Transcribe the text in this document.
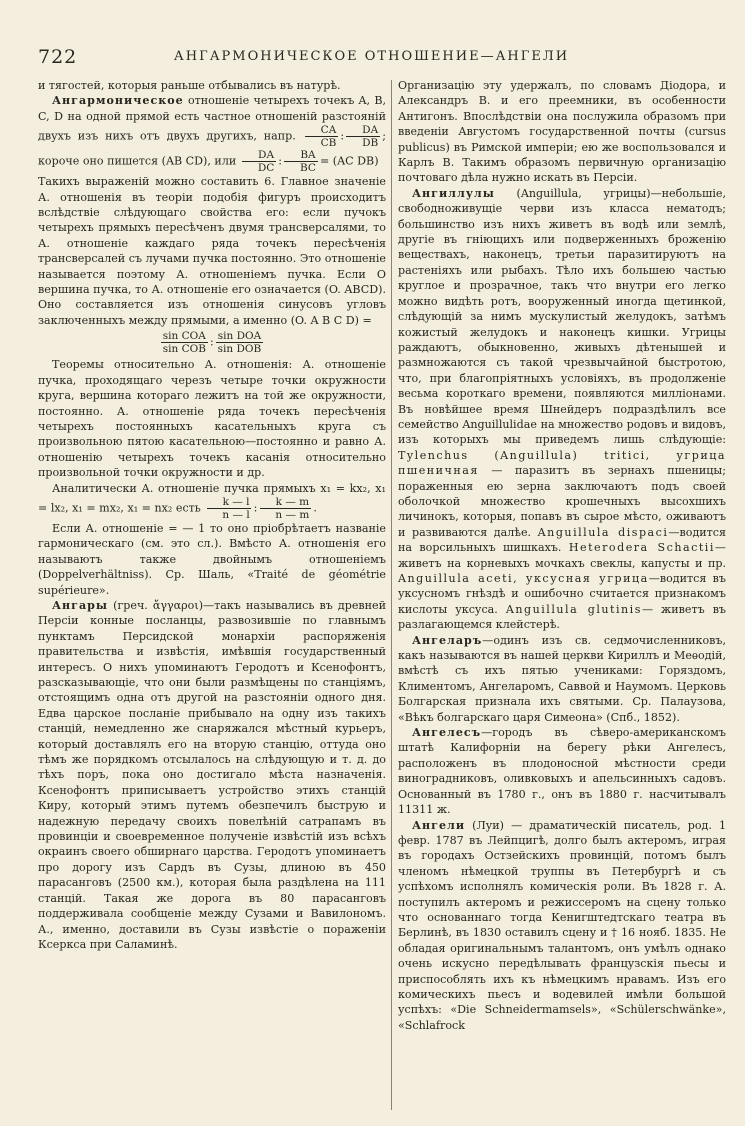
722	АНГАРМОНИЧЕСКОЕ ОТНОШЕНИЕ—АНГЕЛИ

и тягостей, которыя раньше отбывались въ натурѣ.

Ангармоническое отношеніе четырехъ точекъ A, B, C, D на одной прямой есть частное отношеній разстояній двухъ изъ нихъ отъ двухъ другихъ, напр. $\frac{CA}{CB}$ : $\frac{DA}{DB}$ ; короче оно пишется (AB CD), или $\frac{DA}{DC}$ : $\frac{BA}{BC} = (AC$ DB)

Такихъ выраженій можно составить 6. Главное значеніе А. отношенія въ теоріи подобія фигуръ происходитъ вслѣдствіе слѣдующаго свойства его: если пучокъ четырехъ прямыхъ пересѣченъ двумя трансверсалями, то А. отношеніе каждаго ряда точекъ пересѣченія трансверсалей съ лучами пучка постоянно. Это отношеніе называется поэтому А. отношеніемъ пучка. Если O вершина пучка, то А. отношеніе его означается (O. ABCD). Оно составляется изъ отношенія синусовъ угловъ заключенныхъ между прямыми, а именно (O. A B C D) =

$\frac{\text{sin COA}}{\text{sin COB}}$ : $\frac{\text{sin DOA}}{\text{sin DOB}}$

Теоремы относительно А. отношенія: А. отношеніе пучка, проходящаго черезъ четыре точки окружности круга, вершина котораго лежитъ на той же окружности, постоянно. А. отношеніе ряда точекъ пересѣченія четырехъ постоянныхъ касательныхъ круга съ произвольною пятою касательною—постоянно и равно А. отношенію четырехъ точекъ касанія относительно произвольной точки окружности и др.

Аналитически А. отношеніе пучка прямыхъ x₁ = kx₂, x₁ = lx₂, x₁ = mx₂, x₁ = nx₂ есть $\frac{k — l}{n — l}$ : $\frac{k — m}{n — m}$ .

Если А. отношеніе = — 1 то оно пріобрѣтаетъ названіе гармоническаго (см. это сл.). Вмѣсто А. отношенія его называютъ также двойнымъ отношеніемъ (Doppelverhältniss). Ср. Шаль, «Traité de géométrie supérieure».

Ангары (греч. ἄγγαροι)—такъ назывались въ древней Персіи конные посланцы, развозившіе по главнымъ пунктамъ Персидской монархіи распоряженія правительства и извѣстія, имѣвшія государственный интересъ. О нихъ упоминаютъ Геродотъ и Ксенофонтъ, разсказывающіе, что они были размѣщены по станціямъ, отстоящимъ одна отъ другой на разстояніи одного дня. Едва царское посланіе прибывало на одну изъ такихъ станцій, немедленно же снаряжался мѣстный курьеръ, который доставлялъ его на вторую станцію, оттуда оно тѣмъ же порядкомъ отсылалось на слѣдующую и т. д. до тѣхъ поръ, пока оно достигало мѣста назначенія. Ксенофонтъ приписываетъ устройство этихъ станцій Киру, который этимъ путемъ обезпечилъ быструю и надежную передачу своихъ повелѣній сатрапамъ въ провинціи и своевременное полученіе извѣстій изъ всѣхъ окраинъ своего обширнаго царства. Геродотъ упоминаетъ про дорогу изъ Сардъ въ Сузы, длиною въ 450 парасанговъ (2500 км.), которая была раздѣлена на 111 станцій. Такая же дорога въ 80 парасанговъ поддерживала сообщеніе между Сузами и Вавилономъ. А., именно, доставили въ Сузы извѣстіе о пораженіи Ксеркса при Саламинѣ.

Организацію эту удержалъ, по словамъ Діодора, и Александръ В. и его преемники, въ особенности Антигонъ. Впослѣдствіи она послужила образомъ при введеніи Августомъ государственной почты (cursus publicus) въ Римской имперіи; ею же воспользовался и Карлъ В. Такимъ образомъ первичную организацію почтоваго дѣла нужно искать въ Персіи.

Ангиллулы (Anguillula, угрицы)—небольшіе, свободноживущіе черви изъ класса нематодъ; большинство изъ нихъ живетъ въ водѣ или землѣ, другіе въ гніющихъ или подверженныхъ броженію веществахъ, наконецъ, третьи паразитируютъ на растеніяхъ или рыбахъ. Тѣло ихъ большею частью круглое и прозрачное, такъ что внутри его легко можно видѣть ротъ, вооруженный иногда щетинкой, слѣдующій за нимъ мускулистый желудокъ, затѣмъ кожистый желудокъ и наконецъ кишки. Угрицы раждаютъ, обыкновенно, живыхъ дѣтенышей и размножаются съ такой чрезвычайной быстротою, что, при благопріятныхъ условіяхъ, въ продолженіе весьма короткаго времени, появляются милліонами. Въ новѣйшее время Шнейдеръ подраздѣлилъ все семейство Anguillulidae на множество родовъ и видовъ, изъ которыхъ мы приведемъ лишь слѣдующіе: Tylenchus (Anguillula) tritici, угрица пшеничная — паразитъ въ зернахъ пшеницы; пораженныя ею зерна заключаютъ подъ своей оболочкой множество крошечныхъ высохшихъ личинокъ, которыя, попавъ въ сырое мѣсто, оживаютъ и развиваются далѣе. Anguillula dispaci—водится на ворсильныхъ шишкахъ. Heterodera Schactii—живетъ на корневыхъ мочкахъ свеклы, капусты и пр. Anguillula aceti, уксусная угрица—водится въ уксусномъ гнѣздѣ и ошибочно считается признакомъ кислоты уксуса. Anguillula glutinis— живетъ въ разлагающемся клейстерѣ.

Ангеларъ—одинъ изъ св. седмочисленниковъ, какъ называются въ нашей церкви Кириллъ и Меѳодій, вмѣстѣ съ ихъ пятью учениками: Горяздомъ, Климентомъ, Ангеларомъ, Саввой и Наумомъ. Церковь Болгарская признала ихъ святыми. Ср. Палаузова, «Вѣкъ болгарскаго царя Симеона» (Спб., 1852).

Ангелесъ—городъ въ сѣверо-американскомъ штатѣ Калифорніи на берегу рѣки Ангелесъ, расположенъ въ плодоносной мѣстности среди виноградниковъ, оливковыхъ и апельсинныхъ садовъ. Основанный въ 1780 г., онъ въ 1880 г. насчитывалъ 11311 ж.

Ангели (Луи) — драматическій писатель, род. 1 февр. 1787 въ Лейпцигѣ, долго былъ актеромъ, играя въ городахъ Остзейскихъ провинцій, потомъ былъ членомъ нѣмецкой труппы въ Петербургѣ и съ успѣхомъ исполнялъ комическія роли. Въ 1828 г. А. поступилъ актеромъ и режиссеромъ на сцену только что основаннаго тогда Кенигштедтскаго театра въ Берлинѣ, въ 1830 оставилъ сцену и † 16 нояб. 1835. Не обладая оригинальнымъ талантомъ, онъ умѣлъ однако очень искусно передѣлывать французскія пьесы и приспособлять ихъ къ нѣмецкимъ нравамъ. Изъ его комическихъ пьесъ и водевилей имѣли большой успѣхъ: «Die Schneidermamsels», «Schülerschwänke», «Schlafrock
